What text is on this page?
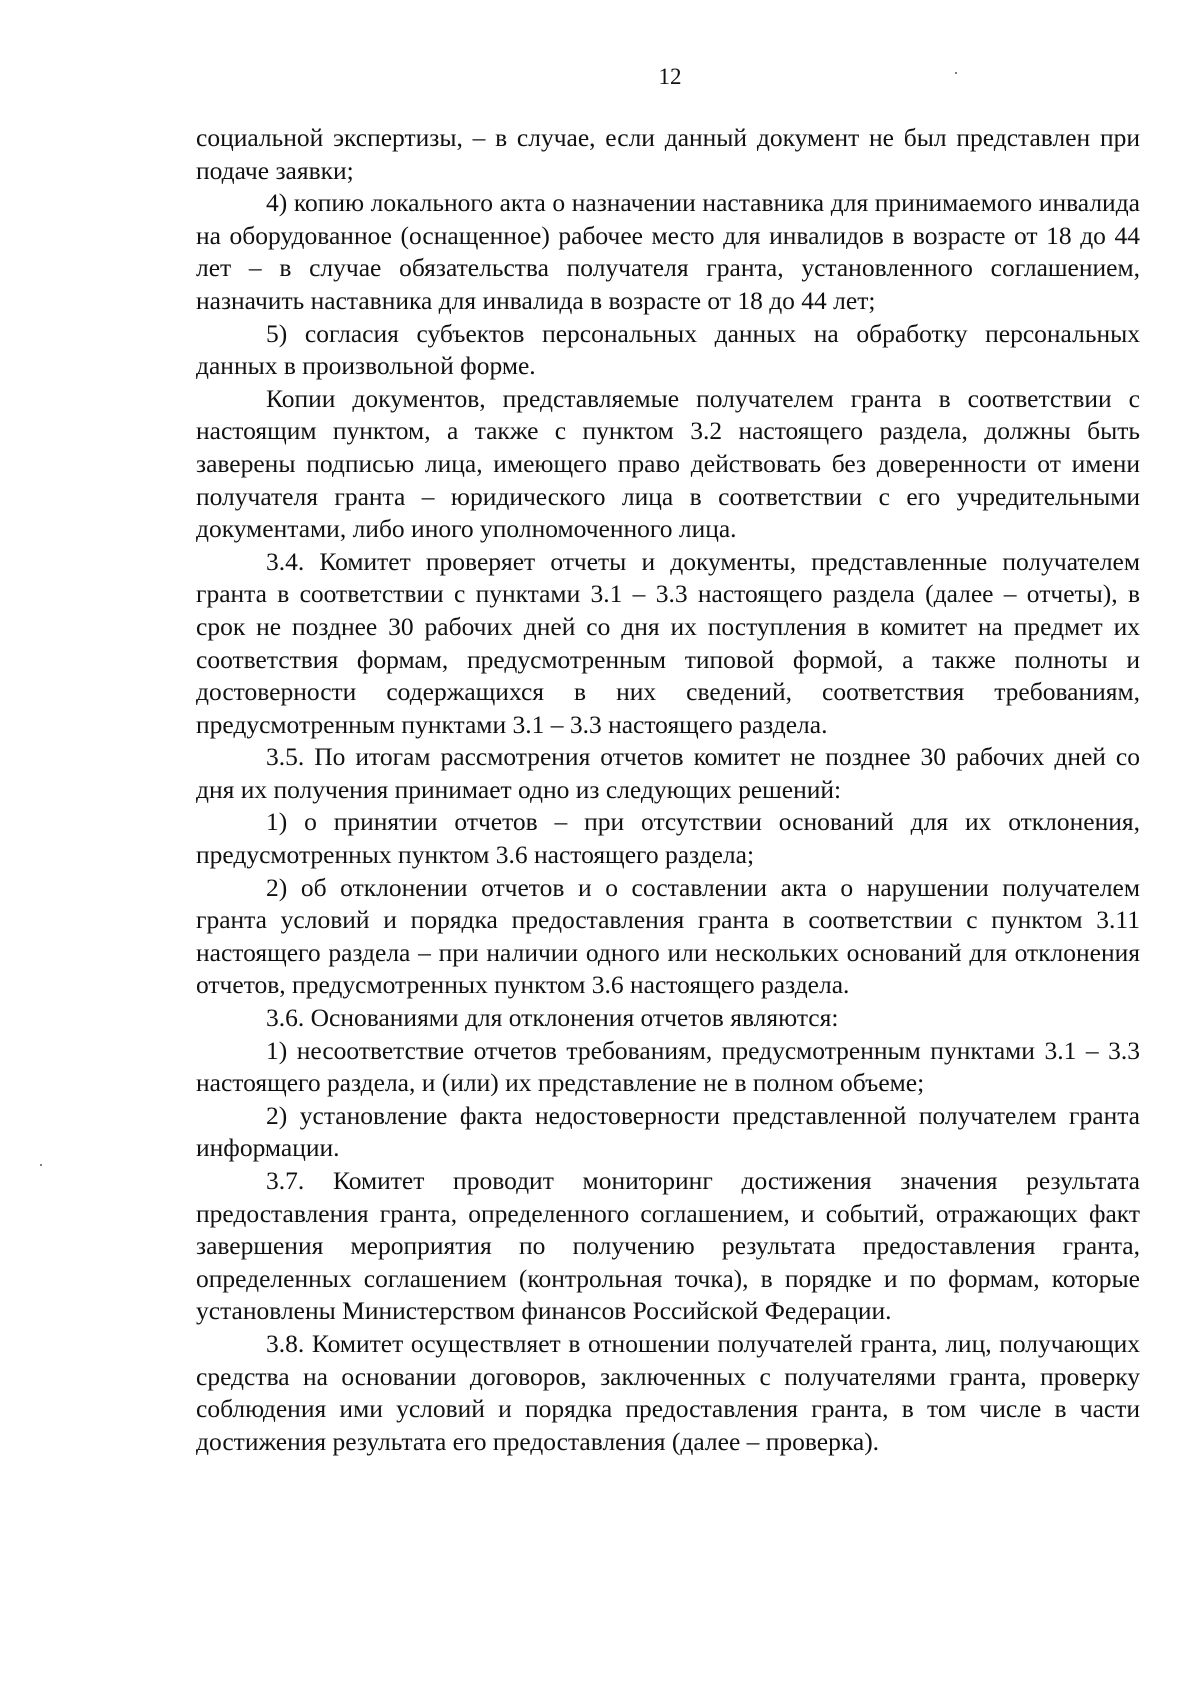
12

социальной экспертизы, – в случае, если данный документ не был представлен при подаче заявки;

4) копию локального акта о назначении наставника для принимаемого инвалида на оборудованное (оснащенное) рабочее место для инвалидов в возрасте от 18 до 44 лет – в случае обязательства получателя гранта, установленного соглашением, назначить наставника для инвалида в возрасте от 18 до 44 лет;

5) согласия субъектов персональных данных на обработку персональных данных в произвольной форме.

Копии документов, представляемые получателем гранта в соответствии с настоящим пунктом, а также с пунктом 3.2 настоящего раздела, должны быть заверены подписью лица, имеющего право действовать без доверенности от имени получателя гранта – юридического лица в соответствии с его учредительными документами, либо иного уполномоченного лица.

3.4. Комитет проверяет отчеты и документы, представленные получателем гранта в соответствии с пунктами 3.1 – 3.3 настоящего раздела (далее – отчеты), в срок не позднее 30 рабочих дней со дня их поступления в комитет на предмет их соответствия формам, предусмотренным типовой формой, а также полноты и достоверности содержащихся в них сведений, соответствия требованиям, предусмотренным пунктами 3.1 – 3.3 настоящего раздела.

3.5. По итогам рассмотрения отчетов комитет не позднее 30 рабочих дней со дня их получения принимает одно из следующих решений:

1) о принятии отчетов – при отсутствии оснований для их отклонения, предусмотренных пунктом 3.6 настоящего раздела;

2) об отклонении отчетов и о составлении акта о нарушении получателем гранта условий и порядка предоставления гранта в соответствии с пунктом 3.11 настоящего раздела – при наличии одного или нескольких оснований для отклонения отчетов, предусмотренных пунктом 3.6 настоящего раздела.

3.6. Основаниями для отклонения отчетов являются:

1) несоответствие отчетов требованиям, предусмотренным пунктами 3.1 – 3.3 настоящего раздела, и (или) их представление не в полном объеме;

2) установление факта недостоверности представленной получателем гранта информации.

3.7. Комитет проводит мониторинг достижения значения результата предоставления гранта, определенного соглашением, и событий, отражающих факт завершения мероприятия по получению результата предоставления гранта, определенных соглашением (контрольная точка), в порядке и по формам, которые установлены Министерством финансов Российской Федерации.

3.8. Комитет осуществляет в отношении получателей гранта, лиц, получающих средства на основании договоров, заключенных с получателями гранта, проверку соблюдения ими условий и порядка предоставления гранта, в том числе в части достижения результата его предоставления (далее – проверка).
